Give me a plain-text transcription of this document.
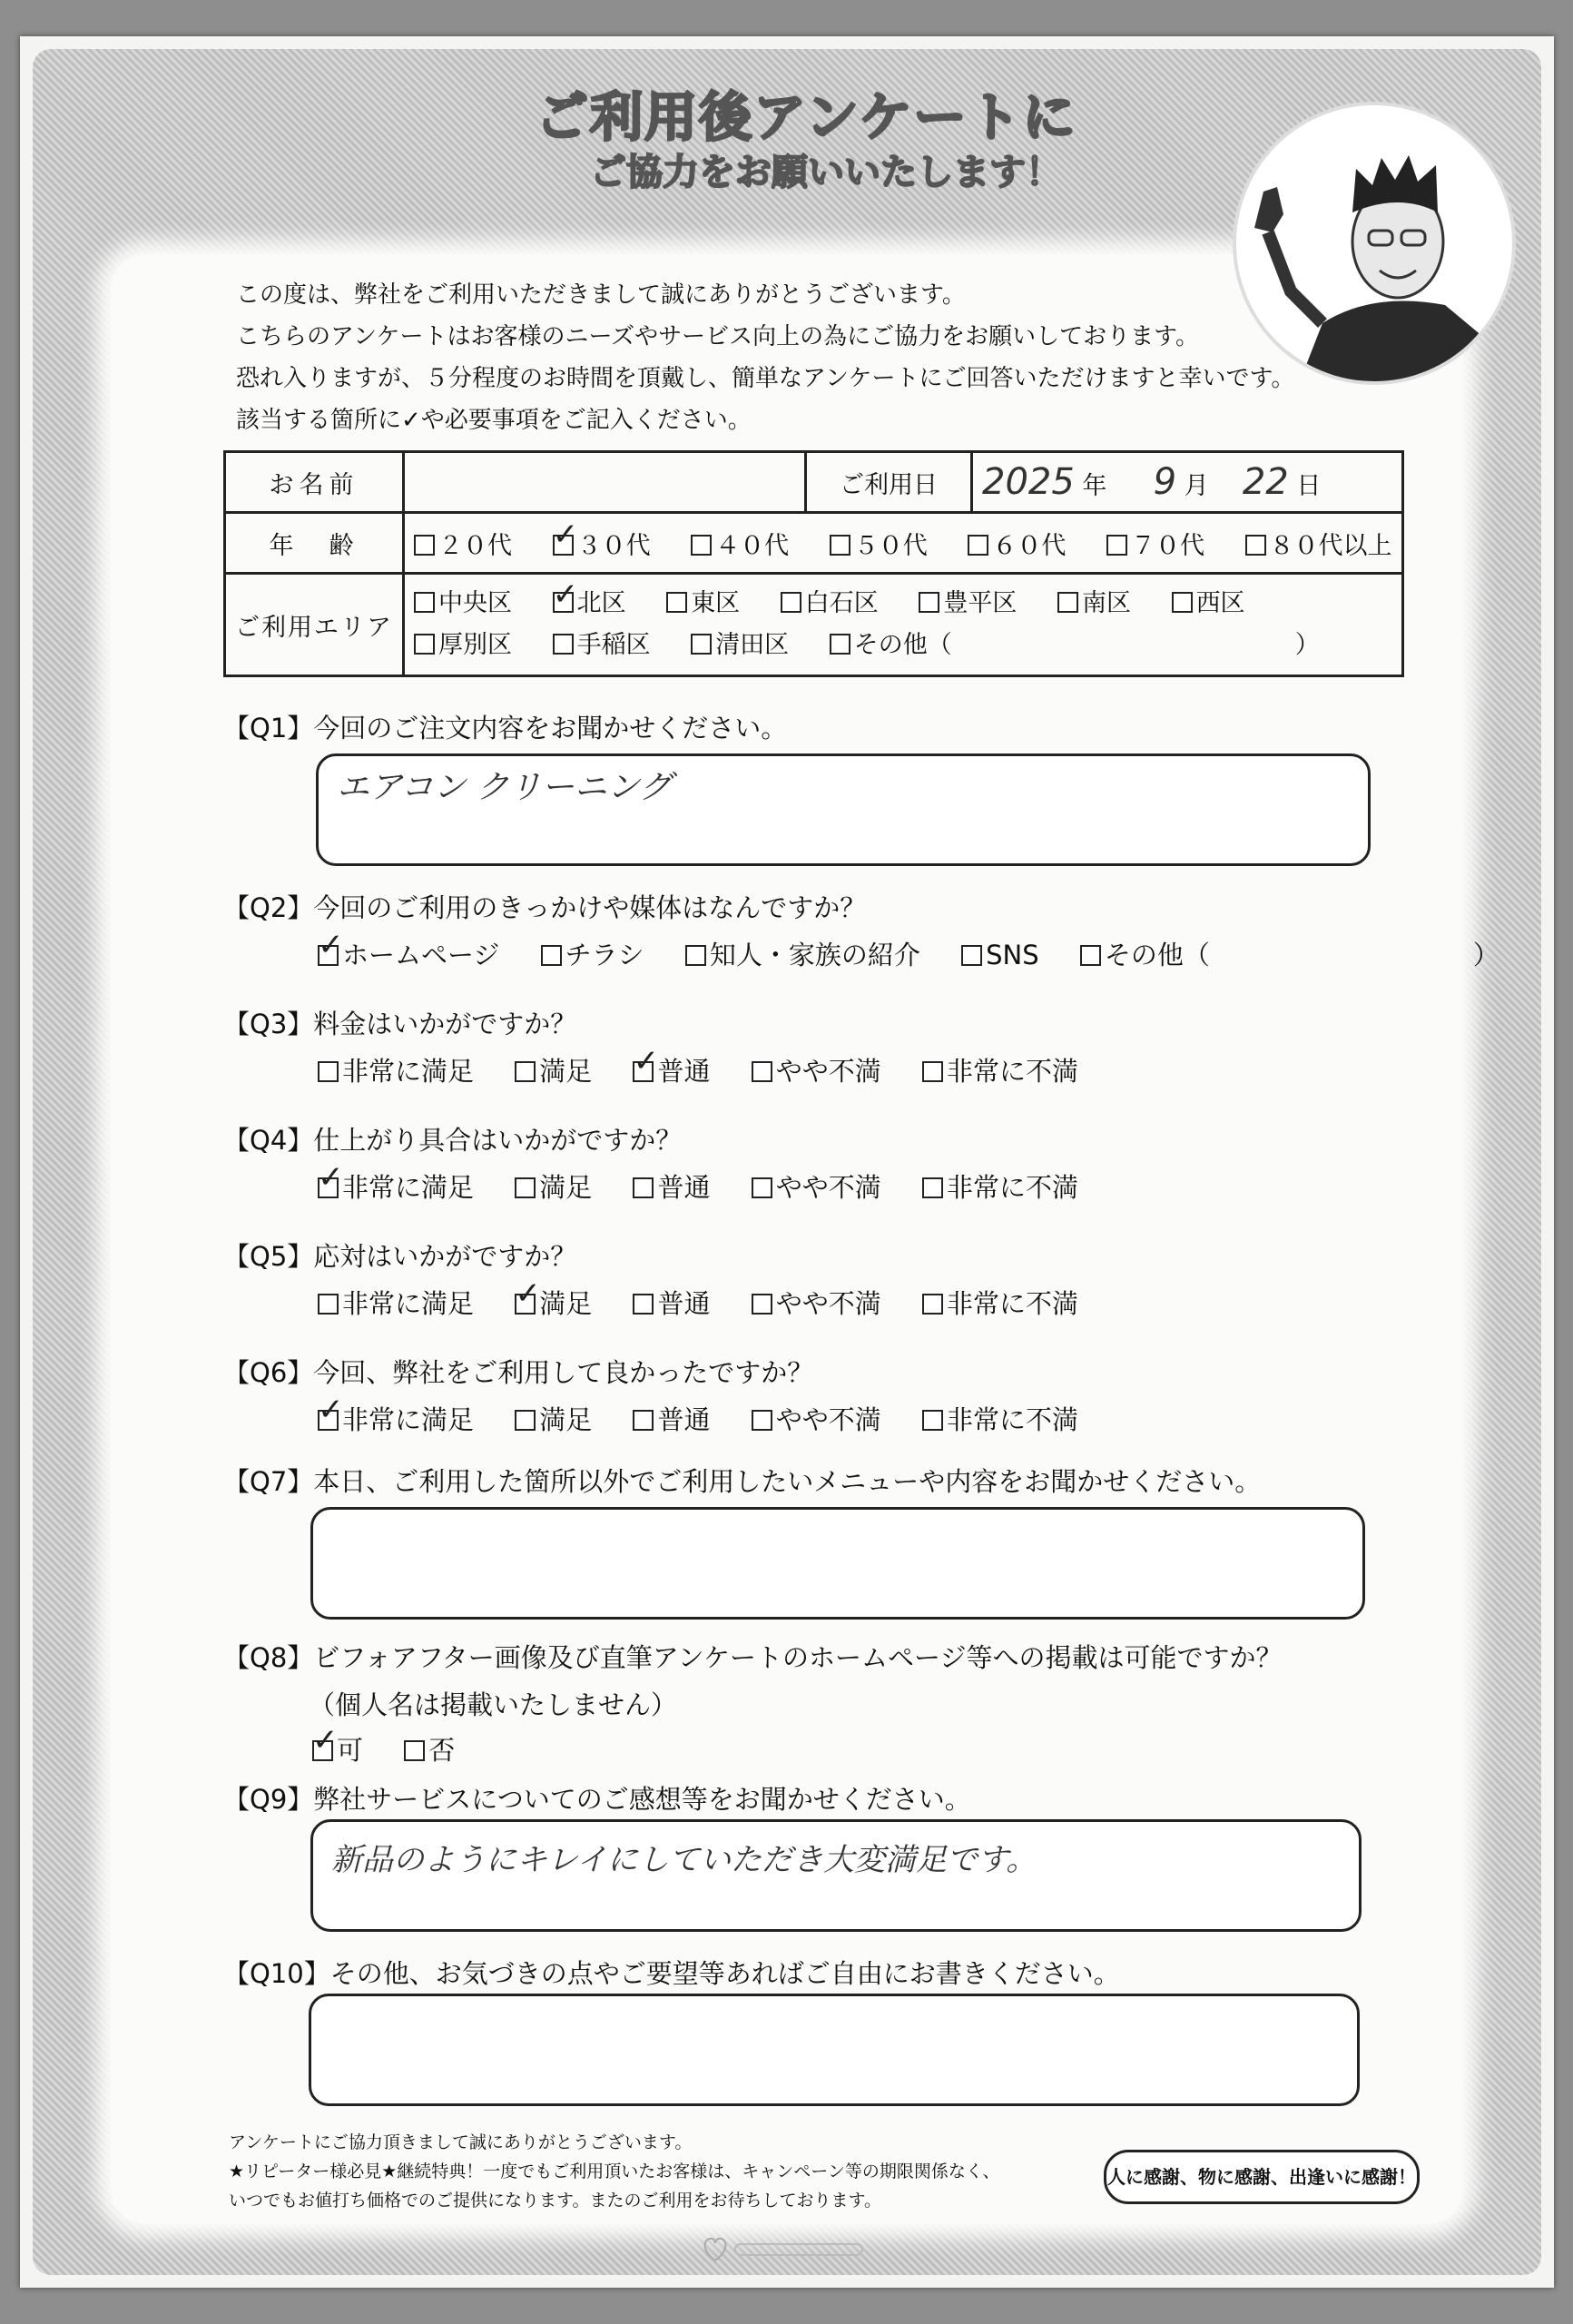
ご利用後アンケートに
ご協力をお願いいたします！
この度は、弊社をご利用いただきまして誠にありがとうございます。
こちらのアンケートはお客様のニーズやサービス向上の為にご協力をお願いしております。
恐れ入りますが、５分程度のお時間を頂戴し、簡単なアンケートにご回答いただけますと幸いです。
該当する箇所に✓や必要事項をご記入ください。
お名前		ご利用日	2025 年 9 月 22 日
年　齢	２０代 ✓ ３０代 ４０代 ５０代 ６０代 ７０代 ８０代以上
ご利用エリア	中央区 ✓ 北区 東区 白石区 豊平区 南区 西区
厚別区 手稲区 清田区 その他（　　　　　　　　　　　　　　）
【Q1】今回のご注文内容をお聞かせください。
エアコン クリーニング
【Q2】今回のご利用のきっかけや媒体はなんですか？
✓ホームページ チラシ 知人・家族の紹介 SNS その他（　　　　　　　　　　）
【Q3】料金はいかがですか？
非常に満足 満足 ✓ 普通 やや不満 非常に不満
【Q4】仕上がり具合はいかがですか？
✓非常に満足 満足 普通 やや不満 非常に不満
【Q5】応対はいかがですか？
非常に満足 ✓ 満足 普通 やや不満 非常に不満
【Q6】今回、弊社をご利用して良かったですか？
✓非常に満足 満足 普通 やや不満 非常に不満
【Q7】本日、ご利用した箇所以外でご利用したいメニューや内容をお聞かせください。
【Q8】ビフォアフター画像及び直筆アンケートのホームページ等への掲載は可能ですか？
（個人名は掲載いたしません）
✓可 否
【Q9】弊社サービスについてのご感想等をお聞かせください。
新品のようにキレイにしていただき大変満足です。
【Q10】その他、お気づきの点やご要望等あればご自由にお書きください。
アンケートにご協力頂きまして誠にありがとうございます。
★リピーター様必見★継続特典！一度でもご利用頂いたお客様は、キャンペーン等の期限関係なく、
いつでもお値打ち価格でのご提供になります。またのご利用をお待ちしております。
人に感謝、物に感謝、出逢いに感謝！
